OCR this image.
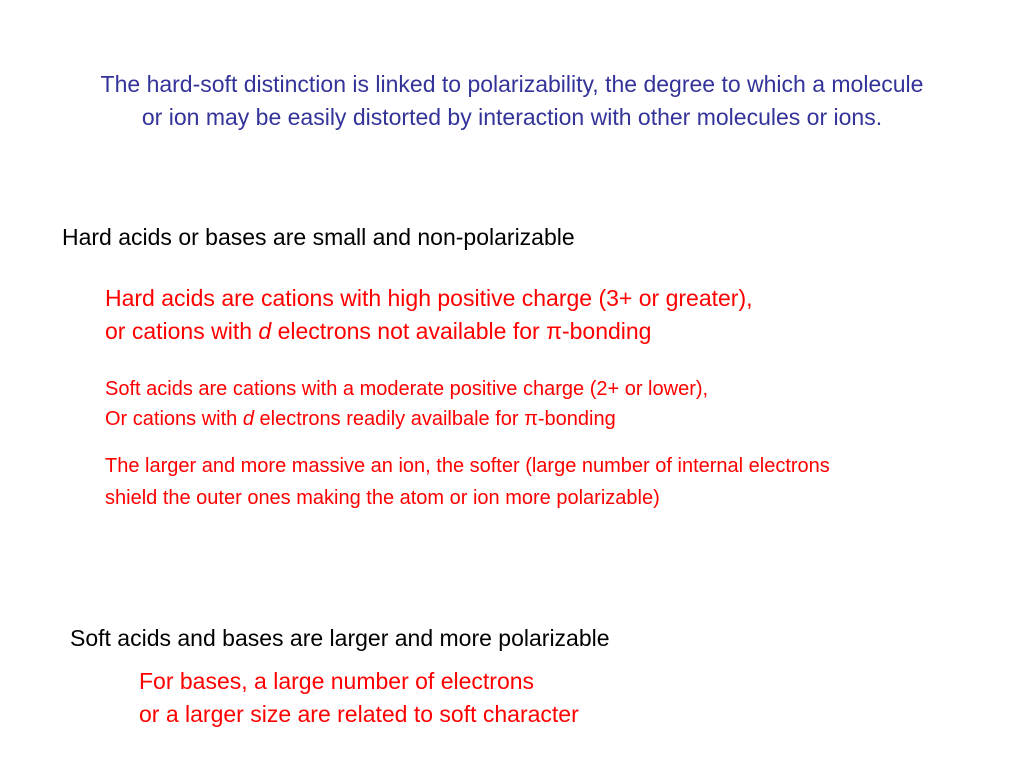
The hard-soft distinction is linked to polarizability, the degree to which a molecule
or ion may be easily distorted by interaction with other molecules or ions.
Hard acids or bases are small and non-polarizable
Hard acids are cations with high positive charge (3+ or greater),
or cations with d electrons not available for π-bonding
Soft acids are cations with a moderate positive charge (2+ or lower),
Or cations with d electrons readily availbale for π-bonding
The larger and more massive an ion, the softer (large number of internal electrons
shield the outer ones making the atom or ion more polarizable)
Soft acids and bases are larger and more polarizable
For bases, a large number of electrons
or a larger size are related to soft character
